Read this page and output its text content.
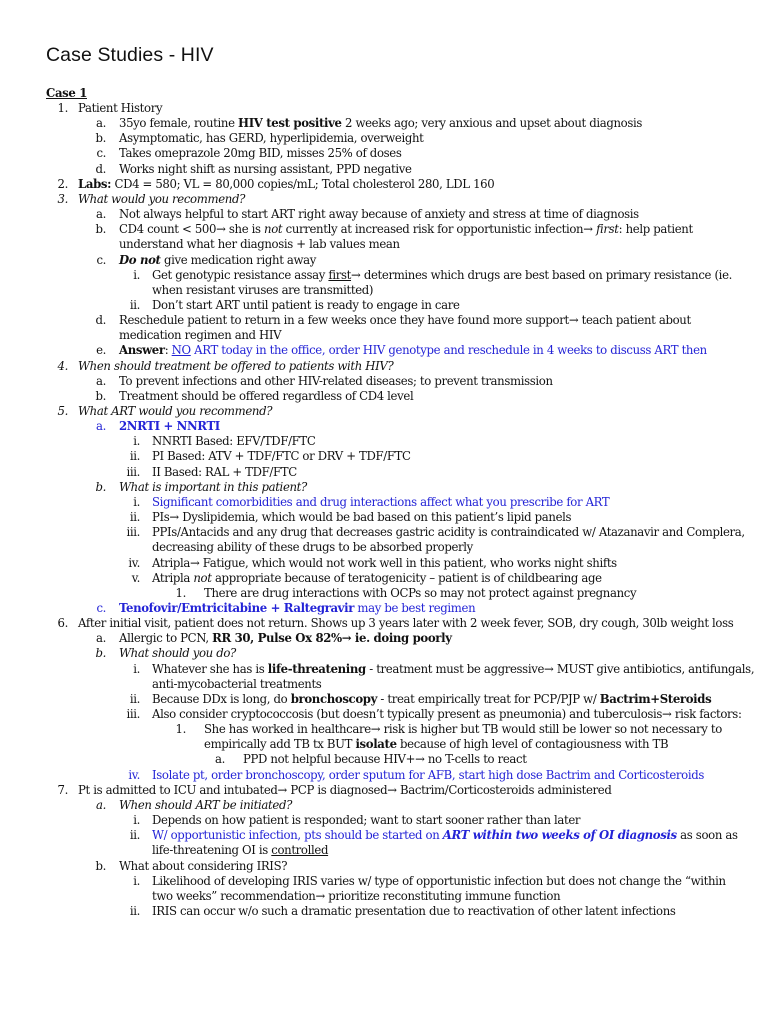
Case Studies - HIV
Case 1
1. Patient History
a. 35yo female, routine HIV test positive 2 weeks ago; very anxious and upset about diagnosis
b. Asymptomatic, has GERD, hyperlipidemia, overweight
c. Takes omeprazole 20mg BID, misses 25% of doses
d. Works night shift as nursing assistant, PPD negative
2. Labs: CD4 = 580; VL = 80,000 copies/mL; Total cholesterol 280, LDL 160
3. What would you recommend?
a. Not always helpful to start ART right away because of anxiety and stress at time of diagnosis
b. CD4 count < 500→ she is not currently at increased risk for opportunistic infection→ first: help patient
understand what her diagnosis + lab values mean
c. Do not give medication right away
i. Get genotypic resistance assay first→ determines which drugs are best based on primary resistance (ie.
when resistant viruses are transmitted)
ii. Don’t start ART until patient is ready to engage in care
d. Reschedule patient to return in a few weeks once they have found more support→ teach patient about
medication regimen and HIV
e. Answer: NO ART today in the office, order HIV genotype and reschedule in 4 weeks to discuss ART then
4. When should treatment be offered to patients with HIV?
a. To prevent infections and other HIV-related diseases; to prevent transmission
b. Treatment should be offered regardless of CD4 level
5. What ART would you recommend?
a. 2NRTI + NNRTI
i. NNRTI Based: EFV/TDF/FTC
ii. PI Based: ATV + TDF/FTC or DRV + TDF/FTC
iii. II Based: RAL + TDF/FTC
b. What is important in this patient?
i. Significant comorbidities and drug interactions affect what you prescribe for ART
ii. PIs→ Dyslipidemia, which would be bad based on this patient’s lipid panels
iii. PPIs/Antacids and any drug that decreases gastric acidity is contraindicated w/ Atazanavir and Complera,
decreasing ability of these drugs to be absorbed properly
iv. Atripla→ Fatigue, which would not work well in this patient, who works night shifts
v. Atripla not appropriate because of teratogenicity – patient is of childbearing age
1. There are drug interactions with OCPs so may not protect against pregnancy
c. Tenofovir/Emtricitabine + Raltegravir may be best regimen
6. After initial visit, patient does not return. Shows up 3 years later with 2 week fever, SOB, dry cough, 30lb weight loss
a. Allergic to PCN, RR 30, Pulse Ox 82%→ ie. doing poorly
b. What should you do?
i. Whatever she has is life-threatening - treatment must be aggressive→ MUST give antibiotics, antifungals,
anti-mycobacterial treatments
ii. Because DDx is long, do bronchoscopy - treat empirically treat for PCP/PJP w/ Bactrim+Steroids
iii. Also consider cryptococcosis (but doesn’t typically present as pneumonia) and tuberculosis→ risk factors:
1. She has worked in healthcare→ risk is higher but TB would still be lower so not necessary to
empirically add TB tx BUT isolate because of high level of contagiousness with TB
a. PPD not helpful because HIV+→ no T-cells to react
iv. Isolate pt, order bronchoscopy, order sputum for AFB, start high dose Bactrim and Corticosteroids
7. Pt is admitted to ICU and intubated→ PCP is diagnosed→ Bactrim/Corticosteroids administered
a. When should ART be initiated?
i. Depends on how patient is responded; want to start sooner rather than later
ii. W/ opportunistic infection, pts should be started on ART within two weeks of OI diagnosis as soon as
life-threatening OI is controlled
b. What about considering IRIS?
i. Likelihood of developing IRIS varies w/ type of opportunistic infection but does not change the “within
two weeks” recommendation→ prioritize reconstituting immune function
ii. IRIS can occur w/o such a dramatic presentation due to reactivation of other latent infections
